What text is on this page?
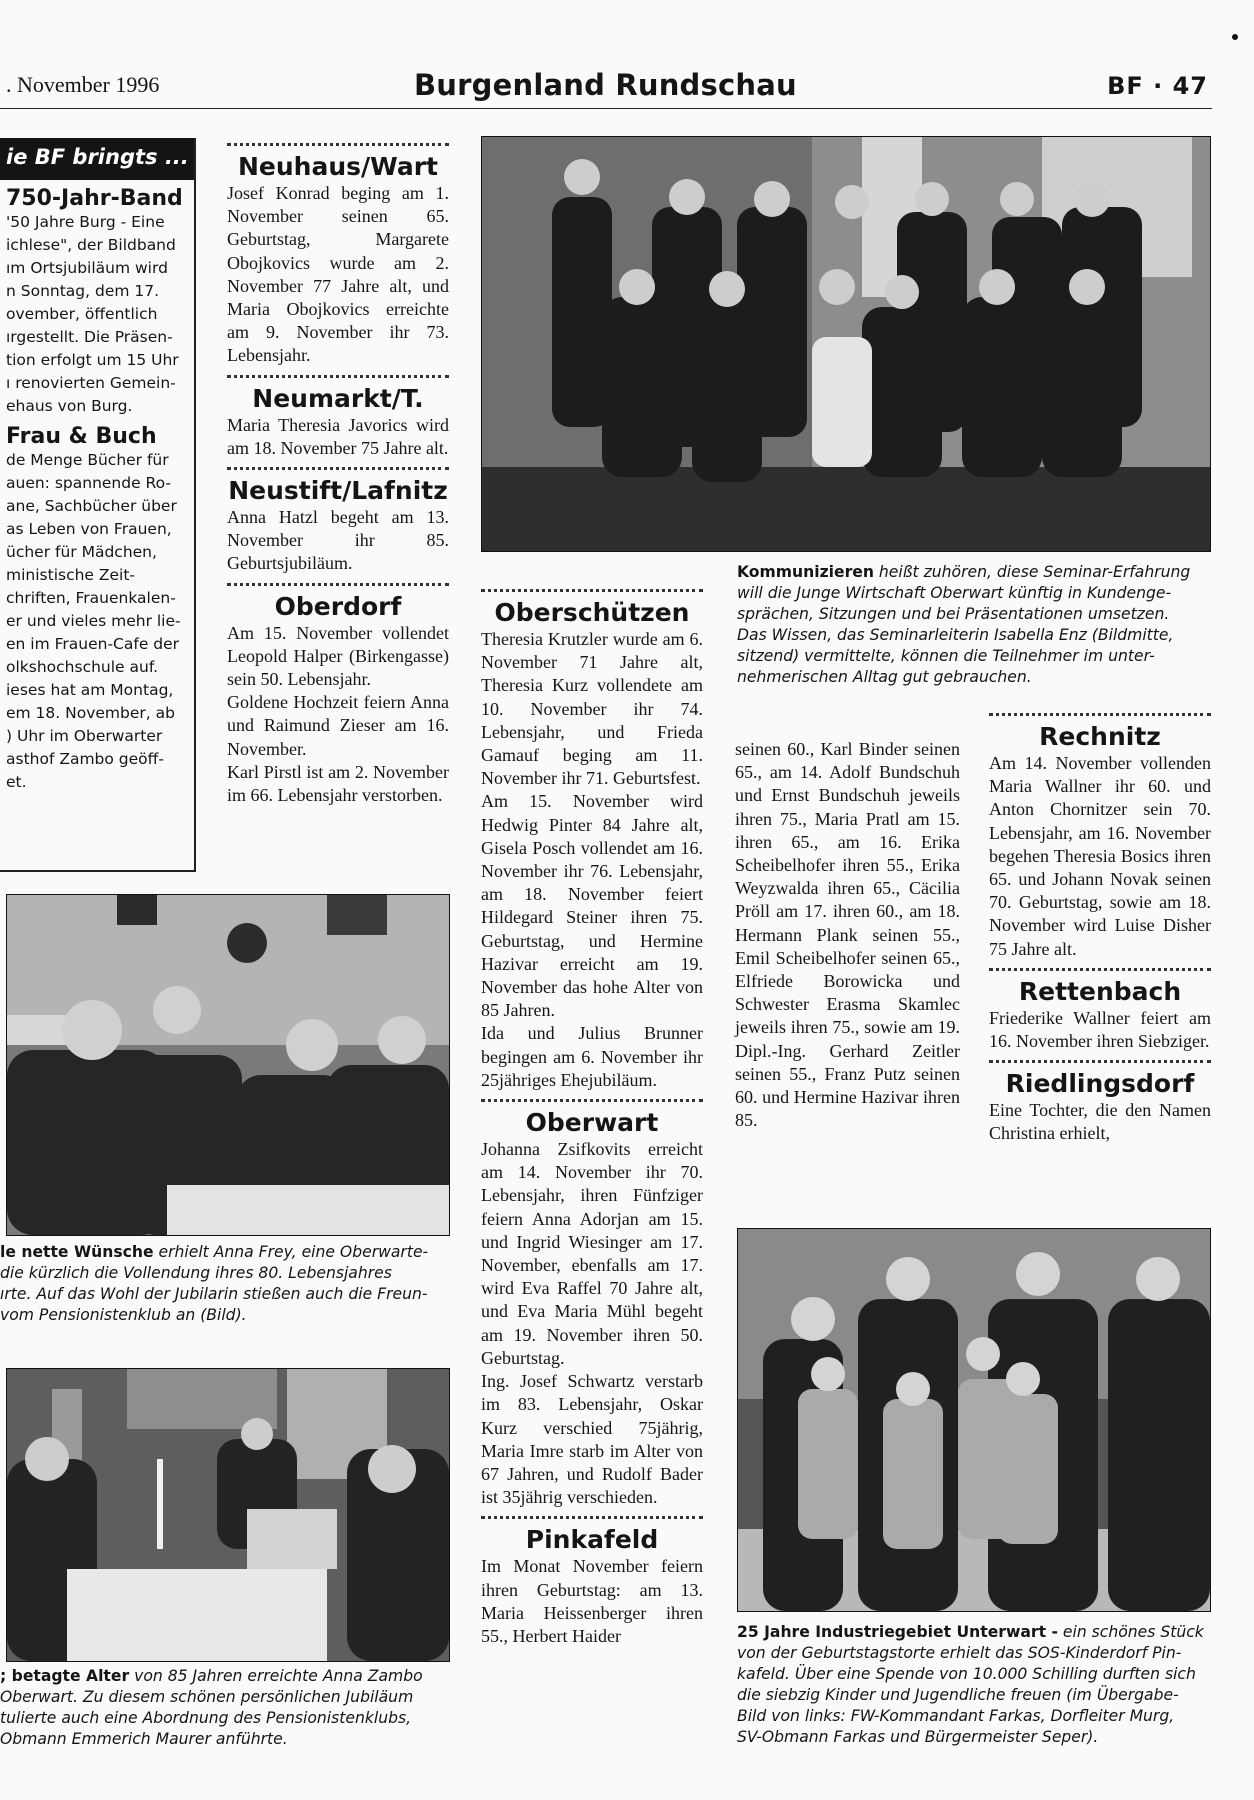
. November 1996	Burgenland Rundschau	BF · 47
ie BF bringts ...
750-Jahr-Band
'50 Jahre Burg - Eine
ichlese", der Bildband
ım Ortsjubiläum wird
n Sonntag, dem 17.
ovember, öffentlich
ırgestellt. Die Präsen-
tion erfolgt um 15 Uhr
ı renovierten Gemein-
ehaus von Burg.
Frau & Buch
de Menge Bücher für
auen: spannende Ro-
ane, Sachbücher über
as Leben von Frauen,
ücher für Mädchen,
ministische Zeit-
chriften, Frauenkalen-
er und vieles mehr lie-
en im Frauen-Cafe der
olkshochschule auf.
ieses hat am Montag,
em 18. November, ab
) Uhr im Oberwarter
asthof Zambo geöff-
et.
Neuhaus/Wart

Josef Konrad beging am 1. November seinen 65. Geburtstag, Margarete Obojkovics wurde am 2. November 77 Jahre alt, und Maria Obojkovics erreichte am 9. November ihr 73. Lebensjahr.

Neumarkt/T.

Maria Theresia Javorics wird am 18. November 75 Jahre alt.

Neustift/Lafnitz

Anna Hatzl begeht am 13. November ihr 85. Geburtsjubiläum.

Oberdorf

Am 15. November vollendet Leopold Halper (Birkengasse) sein 50. Lebensjahr.

Goldene Hochzeit feiern Anna und Raimund Zieser am 16. November.

Karl Pirstl ist am 2. November im 66. Lebensjahr verstorben.

Oberschützen

Theresia Krutzler wurde am 6. November 71 Jahre alt, Theresia Kurz vollendete am 10. November ihr 74. Lebensjahr, und Frieda Gamauf beging am 11. November ihr 71. Geburtsfest.

Am 15. November wird Hedwig Pinter 84 Jahre alt, Gisela Posch vollendet am 16. November ihr 76. Lebensjahr, am 18. November feiert Hildegard Steiner ihren 75. Geburtstag, und Hermine Hazivar erreicht am 19. November das hohe Alter von 85 Jahren.

Ida und Julius Brunner begingen am 6. November ihr 25jähriges Ehejubiläum.

Oberwart

Johanna Zsifkovits erreicht am 14. November ihr 70. Lebensjahr, ihren Fünfziger feiern Anna Adorjan am 15. und Ingrid Wiesinger am 17. November, ebenfalls am 17. wird Eva Raffel 70 Jahre alt, und Eva Maria Mühl begeht am 19. November ihren 50. Geburtstag.

Ing. Josef Schwartz verstarb im 83. Lebensjahr, Oskar Kurz verschied 75jährig, Maria Imre starb im Alter von 67 Jahren, und Rudolf Bader ist 35jährig verschieden.

Pinkafeld

Im Monat November feiern ihren Geburtstag: am 13. Maria Heissenberger ihren 55., Herbert Haider

seinen 60., Karl Binder seinen 65., am 14. Adolf Bundschuh und Ernst Bundschuh jeweils ihren 75., Maria Pratl am 15. ihren 65., am 16. Erika Scheibelhofer ihren 55., Erika Weyzwalda ihren 65., Cäcilia Pröll am 17. ihren 60., am 18. Hermann Plank seinen 55., Emil Scheibelhofer seinen 65., Elfriede Borowicka und Schwester Erasma Skamlec jeweils ihren 75., sowie am 19. Dipl.-Ing. Gerhard Zeitler seinen 55., Franz Putz seinen 60. und Hermine Hazivar ihren 85.

Rechnitz

Am 14. November vollenden Maria Wallner ihr 60. und Anton Chornitzer sein 70. Lebensjahr, am 16. November begehen Theresia Bosics ihren 65. und Johann Novak seinen 70. Geburtstag, sowie am 18. November wird Luise Disher 75 Jahre alt.

Rettenbach

Friederike Wallner feiert am 16. November ihren Siebziger.

Riedlingsdorf

Eine Tochter, die den Namen Christina erhielt,

Kommunizieren heißt zuhören, diese Seminar-Erfahrung
will die Junge Wirtschaft Oberwart künftig in Kundenge-
sprächen, Sitzungen und bei Präsentationen umsetzen.
Das Wissen, das Seminarleiterin Isabella Enz (Bildmitte,
sitzend) vermittelte, können die Teilnehmer im unter-
nehmerischen Alltag gut gebrauchen.
le nette Wünsche erhielt Anna Frey, eine Oberwarte-
die kürzlich die Vollendung ihres 80. Lebensjahres
ırte. Auf das Wohl der Jubilarin stießen auch die Freun-
vom Pensionistenklub an (Bild).
; betagte Alter von 85 Jahren erreichte Anna Zambo
Oberwart. Zu diesem schönen persönlichen Jubiläum
tulierte auch eine Abordnung des Pensionistenklubs,
Obmann Emmerich Maurer anführte.
25 Jahre Industriegebiet Unterwart - ein schönes Stück
von der Geburtstagstorte erhielt das SOS-Kinderdorf Pin-
kafeld. Über eine Spende von 10.000 Schilling durften sich
die siebzig Kinder und Jugendliche freuen (im Übergabe-
Bild von links: FW-Kommandant Farkas, Dorfleiter Murg,
SV-Obmann Farkas und Bürgermeister Seper).
